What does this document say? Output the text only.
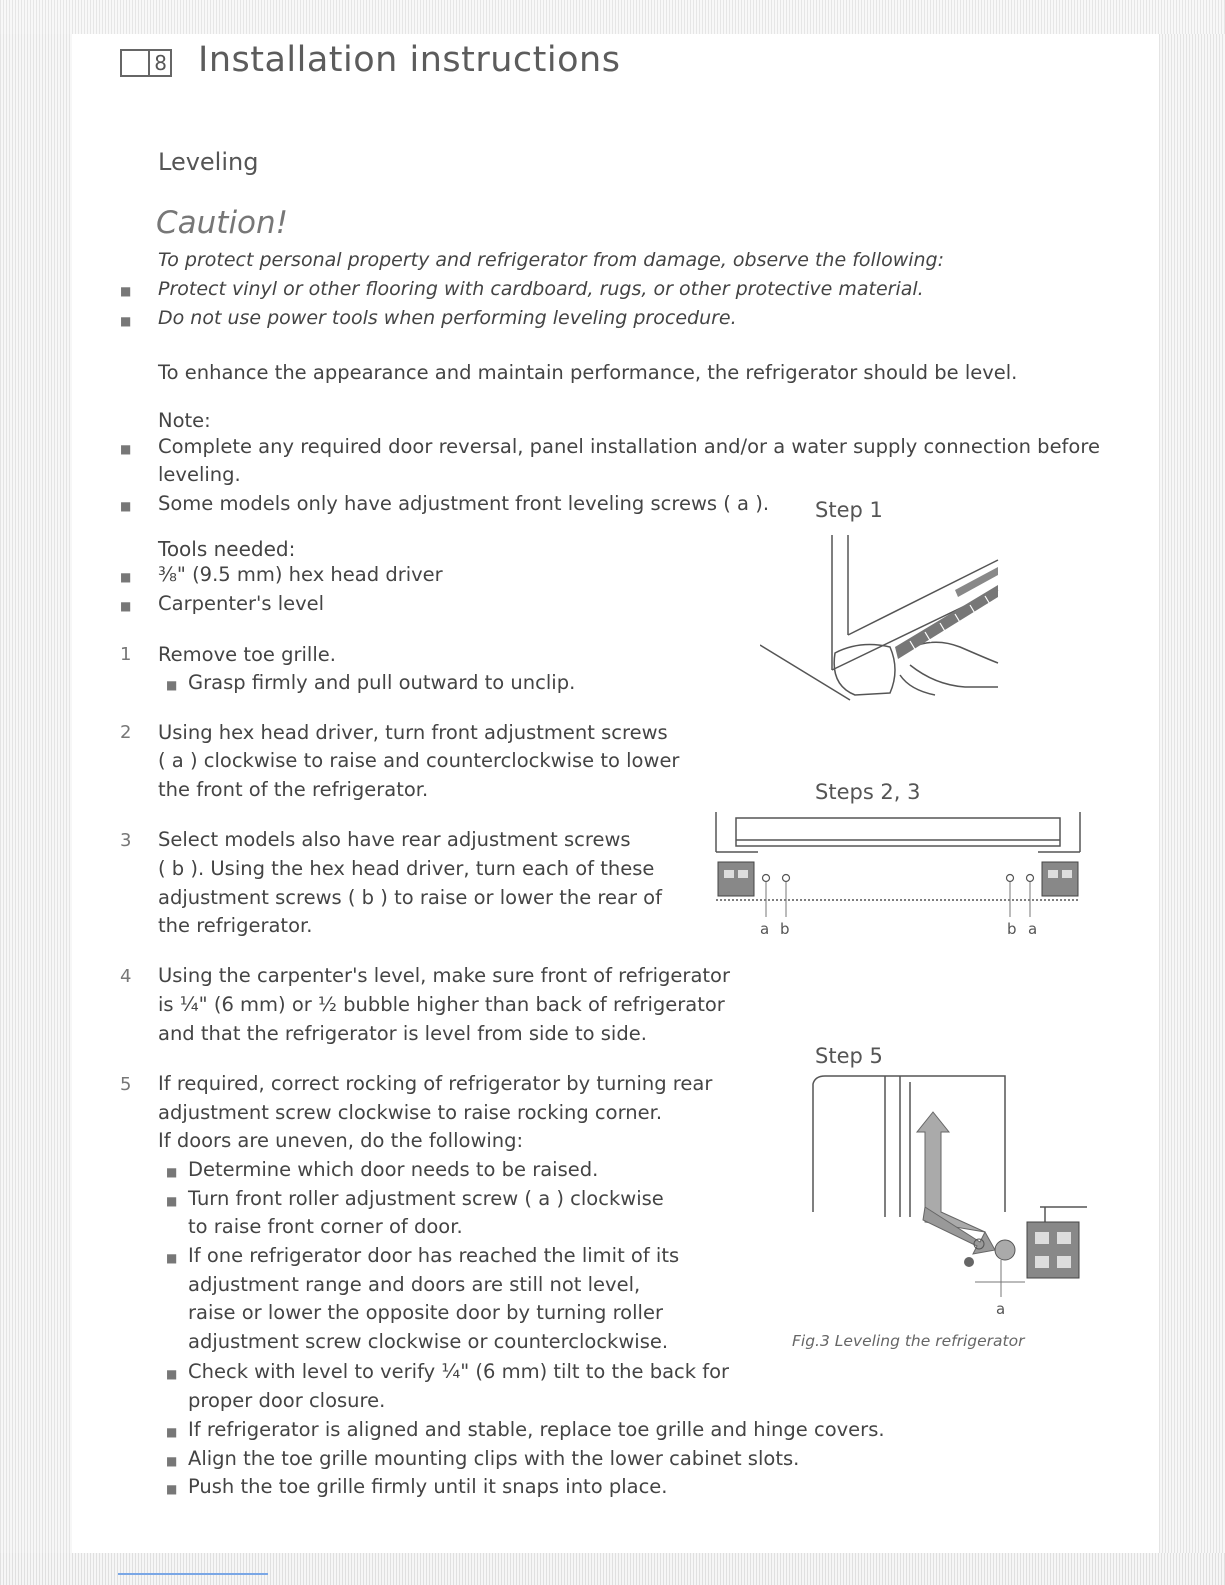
8 Installation instructions
Leveling
Caution!
To protect personal property and refrigerator from damage, observe the following:
■ Protect vinyl or other flooring with cardboard, rugs, or other protective material.
■ Do not use power tools when performing leveling procedure.
To enhance the appearance and maintain performance, the refrigerator should be level.
Note:
■ Complete any required door reversal, panel installation and/or a water supply connection before
leveling.
■ Some models only have adjustment front leveling screws ( a ).
Tools needed:
■ ⅜" (9.5 mm) hex head driver
■ Carpenter's level
1 Remove toe grille.
■ Grasp firmly and pull outward to unclip.
2 Using hex head driver, turn front adjustment screws
( a ) clockwise to raise and counterclockwise to lower
the front of the refrigerator.
3 Select models also have rear adjustment screws
( b ). Using the hex head driver, turn each of these
adjustment screws ( b ) to raise or lower the rear of
the refrigerator.
4 Using the carpenter's level, make sure front of refrigerator
is ¼" (6 mm) or ½ bubble higher than back of refrigerator
and that the refrigerator is level from side to side.
5 If required, correct rocking of refrigerator by turning rear
adjustment screw clockwise to raise rocking corner.
If doors are uneven, do the following:
■ Determine which door needs to be raised.
■ Turn front roller adjustment screw ( a ) clockwise
to raise front corner of door.
■ If one refrigerator door has reached the limit of its
adjustment range and doors are still not level,
raise or lower the opposite door by turning roller
adjustment screw clockwise or counterclockwise.
■ Check with level to verify ¼" (6 mm) tilt to the back for
proper door closure.
■ If refrigerator is aligned and stable, replace toe grille and hinge covers.
■ Align the toe grille mounting clips with the lower cabinet slots.
■ Push the toe grille firmly until it snaps into place.
Step 1
Steps 2, 3
a b	b a
Step 5
a
Fig.3 Leveling the refrigerator
